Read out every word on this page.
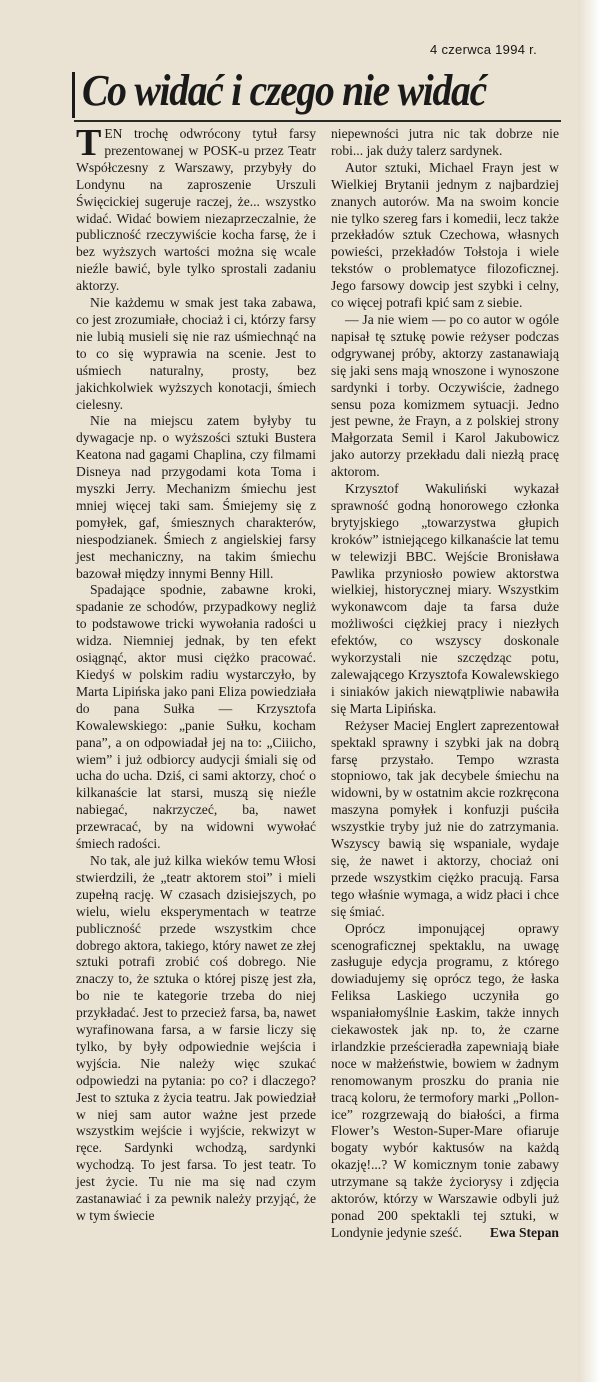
4 czerwca 1994 r.
Co widać i czego nie widać

TEN trochę odwrócony tytuł farsy prezentowanej w POSK-u przez Teatr Współczesny z Warszawy, przybyły do Londynu na zaproszenie Urszuli Święcickiej sugeruje raczej, że... wszystko widać. Widać bowiem niezaprzeczalnie, że publiczność rzeczywiście kocha farsę, że i bez wyższych wartości można się wcale nieźle bawić, byle tylko sprostali zadaniu aktorzy.

Nie każdemu w smak jest taka zabawa, co jest zrozumiałe, chociaż i ci, którzy farsy nie lubią musieli się nie raz uśmiechnąć na to co się wyprawia na scenie. Jest to uśmiech naturalny, prosty, bez jakichkolwiek wyższych konotacji, śmiech cielesny.

Nie na miejscu zatem byłyby tu dywagacje np. o wyższości sztuki Bustera Keatona nad gagami Chaplina, czy filmami Disneya nad przygodami kota Toma i myszki Jerry. Mechanizm śmiechu jest mniej więcej taki sam. Śmiejemy się z pomyłek, gaf, śmiesznych charakterów, niespodzianek. Śmiech z angielskiej farsy jest mechaniczny, na takim śmiechu bazował między innymi Benny Hill.

Spadające spodnie, zabawne kroki, spadanie ze schodów, przypadkowy negliż to podstawowe tricki wywołania radości u widza. Niemniej jednak, by ten efekt osiągnąć, aktor musi ciężko pracować. Kiedyś w polskim radiu wystarczyło, by Marta Lipińska jako pani Eliza powiedziała do pana Sułka — Krzysztofa Kowalewskiego: „panie Sułku, kocham pana”, a on odpowiadał jej na to: „Ciiicho, wiem” i już odbiorcy audycji śmiali się od ucha do ucha. Dziś, ci sami aktorzy, choć o kilkanaście lat starsi, muszą się nieźle nabiegać, nakrzyczeć, ba, nawet przewracać, by na widowni wywołać śmiech radości.

No tak, ale już kilka wieków temu Włosi stwierdzili, że „teatr aktorem stoi” i mieli zupełną rację. W czasach dzisiejszych, po wielu, wielu eksperymentach w teatrze publiczność przede wszystkim chce dobrego aktora, takiego, który nawet ze złej sztuki potrafi zrobić coś dobrego. Nie znaczy to, że sztuka o której piszę jest zła, bo nie te kategorie trzeba do niej przykładać. Jest to przecież farsa, ba, nawet wyrafinowana farsa, a w farsie liczy się tylko, by były odpowiednie wejścia i wyjścia. Nie należy więc szukać odpowiedzi na pytania: po co? i dlaczego? Jest to sztuka z życia teatru. Jak powiedział w niej sam autor ważne jest przede wszystkim wejście i wyjście, rekwizyt w ręce. Sardynki wchodzą, sardynki wychodzą. To jest farsa. To jest teatr. To jest życie. Tu nie ma się nad czym zastanawiać i za pewnik należy przyjąć, że w tym świecie

niepewności jutra nic tak dobrze nie robi... jak duży talerz sardynek.

Autor sztuki, Michael Frayn jest w Wielkiej Brytanii jednym z najbardziej znanych autorów. Ma na swoim koncie nie tylko szereg fars i komedii, lecz także przekładów sztuk Czechowa, własnych powieści, przekładów Tołstoja i wiele tekstów o problematyce filozoficznej. Jego farsowy dowcip jest szybki i celny, co więcej potrafi kpić sam z siebie.

— Ja nie wiem — po co autor w ogóle napisał tę sztukę powie reżyser podczas odgrywanej próby, aktorzy zastanawiają się jaki sens mają wnoszone i wynoszone sardynki i torby. Oczywiście, żadnego sensu poza komizmem sytuacji. Jedno jest pewne, że Frayn, a z polskiej strony Małgorzata Semil i Karol Jakubowicz jako autorzy przekładu dali niezłą pracę aktorom.

Krzysztof Wakuliński wykazał sprawność godną honorowego członka brytyjskiego „towarzystwa głupich kroków” istniejącego kilkanaście lat temu w telewizji BBC. Wejście Bronisława Pawlika przyniosło powiew aktorstwa wielkiej, historycznej miary. Wszystkim wykonawcom daje ta farsa duże możliwości ciężkiej pracy i niezłych efektów, co wszyscy doskonale wykorzystali nie szczędząc potu, zalewającego Krzysztofa Kowalewskiego i siniaków jakich niewątpliwie nabawiła się Marta Lipińska.

Reżyser Maciej Englert zaprezentował spektakl sprawny i szybki jak na dobrą farsę przystało. Tempo wzrasta stopniowo, tak jak decybele śmiechu na widowni, by w ostatnim akcie rozkręcona maszyna pomyłek i konfuzji puściła wszystkie tryby już nie do zatrzymania. Wszyscy bawią się wspaniale, wydaje się, że nawet i aktorzy, chociaż oni przede wszystkim ciężko pracują. Farsa tego właśnie wymaga, a widz płaci i chce się śmiać.

Oprócz imponującej oprawy scenograficznej spektaklu, na uwagę zasługuje edycja programu, z którego dowiadujemy się oprócz tego, że łaska Feliksa Laskiego uczyniła go wspaniałomyślnie Łaskim, także innych ciekawostek jak np. to, że czarne irlandzkie prześcieradła zapewniają białe noce w małżeństwie, bowiem w żadnym renomowanym proszku do prania nie tracą koloru, że termofory marki „Pollon-ice” rozgrzewają do białości, a firma Flower’s Weston-Super-Mare ofiaruje bogaty wybór kaktusów na każdą okazję!...? W komicznym tonie zabawy utrzymane są także życiorysy i zdjęcia aktorów, którzy w Warszawie odbyli już ponad 200 spektakli tej sztuki, w Londynie jedynie sześć.	Ewa Stepan
